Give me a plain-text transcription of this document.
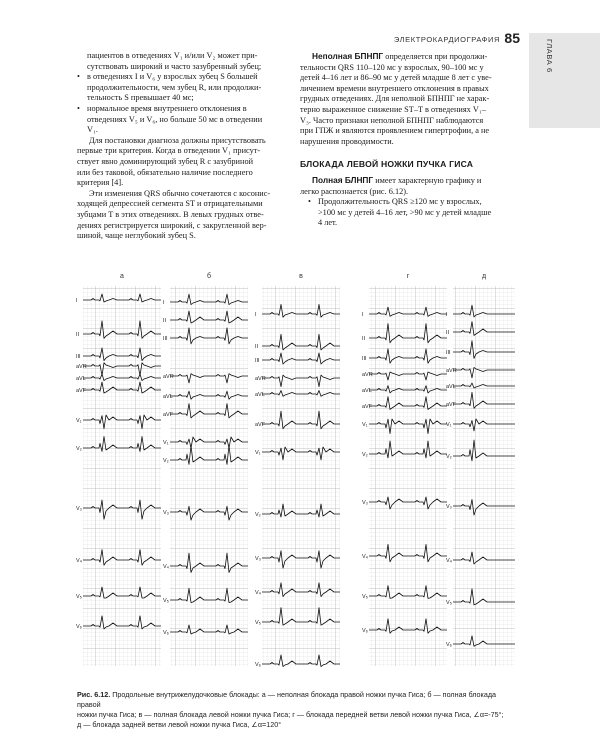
ЭЛЕКТРОКАРДИОГРАФИЯ 85
ГЛАВА 6

пациентов в отведениях V₁ и/или V₂ может при-

сутствовать широкий и часто зазубренный зубец;

• в отведениях I и V₆ у взрослых зубец S большей

продолжительности, чем зубец R, или продолжи-

тельность S превышает 40 мс;

• нормальное время внутреннего отклонения в

отведениях V₅ и V₆, но больше 50 мс в отведении

V₁.

Для постановки диагноза должны присутствовать

первые три критерия. Когда в отведении V₁ присут-

ствует явно доминирующий зубец R с зазубриной

или без таковой, обязательно наличие последнего

критерия [4].

Эти изменения QRS обычно сочетаются с косонис-

ходящей депрессией сегмента ST и отрицательными

зубцами T в этих отведениях. В левых грудных отве-

дениях регистрируется широкий, с закругленной вер-

шиной, чаще неглубокий зубец S.

Неполная БПНПГ определяется при продолжи-

тельности QRS 110–120 мс у взрослых, 90–100 мс у

детей 4–16 лет и 86–90 мс у детей младше 8 лет с уве-

личением времени внутреннего отклонения в правых

грудных отведениях. Для неполной БПНПГ не харак-

терно выраженное снижение ST–T в отведениях V₁–

V₃. Часто признаки неполной БПНПГ наблюдаются

при ГПЖ и являются проявлением гипертрофии, а не

нарушения проводимости.

БЛОКАДА ЛЕВОЙ НОЖКИ ПУЧКА ГИСА

Полная БЛНПГ имеет характерную графику и

легко распознается (рис. 6.12).

• Продолжительность QRS ≥120 мс у взрослых,

>100 мс у детей 4–16 лет, >90 мс у детей младше

4 лет.

а
I
II
III
aVR
aVL
aVF
V₁
V₂
V₃
V₄
V₅
V₆
б
I
II
III
aVR
aVL
aVF
V₁
V₂
V₃
V₄
V₅
V₆
в
I
II
III
aVR
aVL
aVF
V₁
V₂
V₃
V₄
V₅
V₆
г
I
II
III
aVR
aVL
aVF
V₁
V₂
V₃
V₄
V₅
V₆
д
I
II
III
aVR
aVL
aVF
V₁
V₂
V₃
V₄
V₅
V₆
Рис. 6.12. Продольные внутрижелудочковые блокады: а — неполная блокада правой ножки пучка Гиса; б — полная блокада правой
ножки пучка Гиса; в — полная блокада левой ножки пучка Гиса; г — блокада передней ветви левой ножки пучка Гиса, ∠α=-75°;
д — блокада задней ветви левой ножки пучка Гиса, ∠α=120°
